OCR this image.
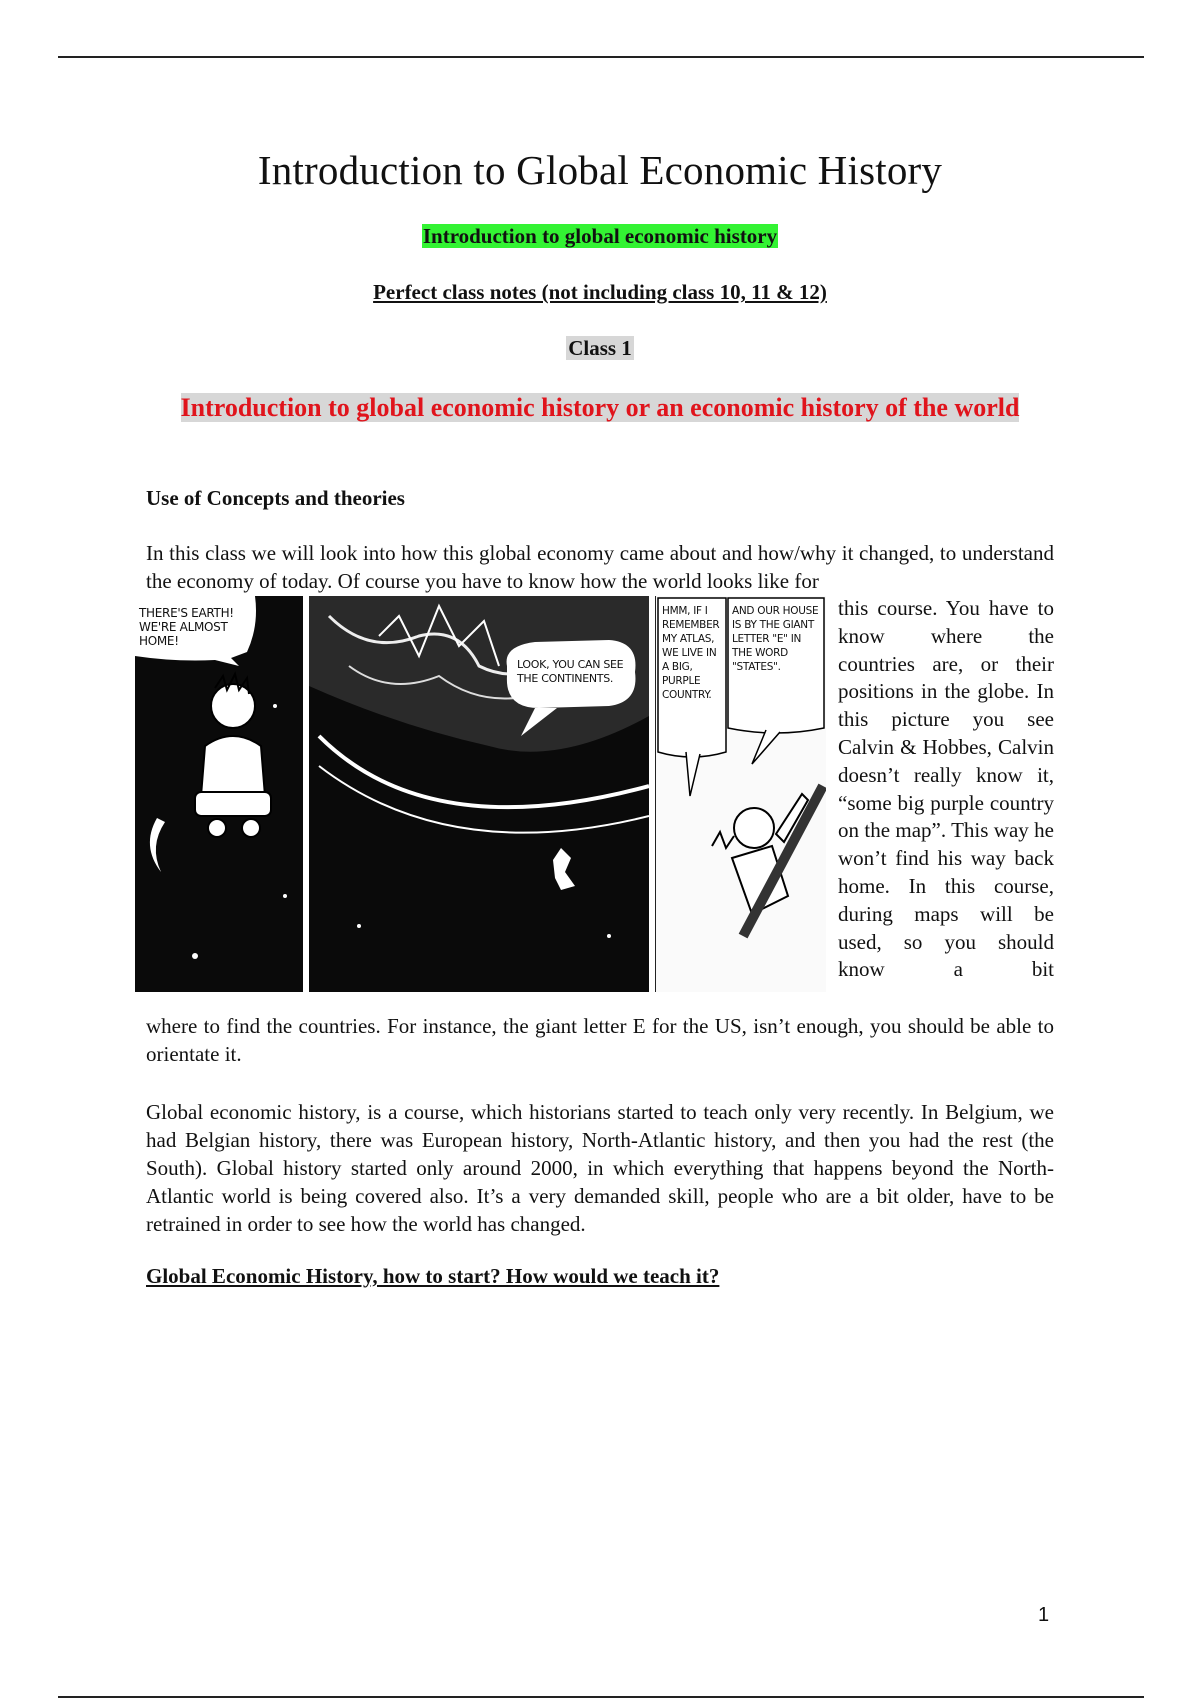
Introduction to Global Economic History
Introduction to global economic history
Perfect class notes (not including class 10, 11 & 12)
Class 1
Introduction to global economic history or an economic history of the world
Use of Concepts and theories

In this class we will look into how this global economy came about and how/why it changed, to understand the economy of today. Of course you have to know how the world looks like for

THERE'S EARTH! WE'RE ALMOST HOME!
LOOK, YOU CAN SEE THE CONTINENTS.
HMM, IF I REMEMBER MY ATLAS, WE LIVE IN A BIG, PURPLE COUNTRY.
AND OUR HOUSE IS BY THE GIANT LETTER "E" IN THE WORD "STATES".

this course. You have to know where the countries are, or their positions in the globe. In this picture you see Calvin & Hobbes, Calvin doesn’t really know it, “some big purple country on the map”. This way he won’t find his way back home. In this course, during maps will be used, so you should know a bit

where to find the countries. For instance, the giant letter E for the US, isn’t enough, you should be able to orientate it.

Global economic history, is a course, which historians started to teach only very recently. In Belgium, we had Belgian history, there was European history, North-Atlantic history, and then you had the rest (the South). Global history started only around 2000, in which everything that happens beyond the North-Atlantic world is being covered also. It’s a very demanded skill, people who are a bit older, have to be retrained in order to see how the world has changed.

Global Economic History, how to start? How would we teach it?
1
